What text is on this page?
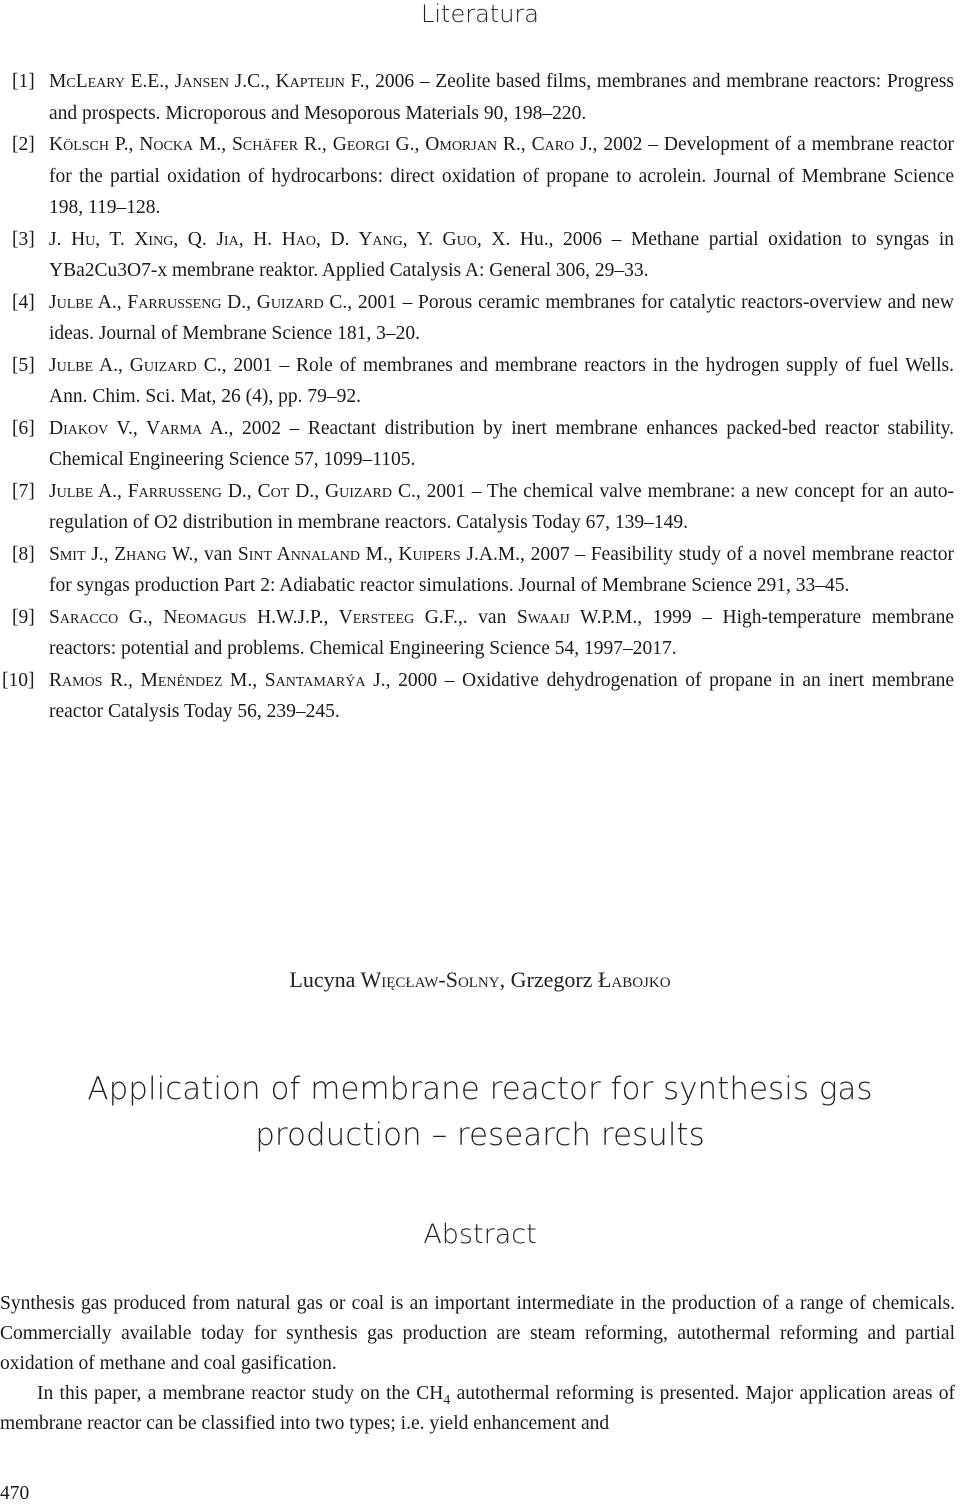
Literatura
[1] McLeary E.E., Jansen J.C., Kapteijn F., 2006 – Zeolite based films, membranes and membrane reactors: Progress and prospects. Microporous and Mesoporous Materials 90, 198–220.
[2] Kölsch P., Nocka M., Schäfer R., Georgi G., Omorjan R., Caro J., 2002 – Development of a membrane reactor for the partial oxidation of hydrocarbons: direct oxidation of propane to acrolein. Journal of Membrane Science 198, 119–128.
[3] J. Hu, T. Xing, Q. Jia, H. Hao, D. Yang, Y. Guo, X. Hu., 2006 – Methane partial oxidation to syngas in YBa2Cu3O7-x membrane reaktor. Applied Catalysis A: General 306, 29–33.
[4] Julbe A., Farrusseng D., Guizard C., 2001 – Porous ceramic membranes for catalytic reactors-overview and new ideas. Journal of Membrane Science 181, 3–20.
[5] Julbe A., Guizard C., 2001 – Role of membranes and membrane reactors in the hydrogen supply of fuel Wells. Ann. Chim. Sci. Mat, 26 (4), pp. 79–92.
[6] Diakov V., Varma A., 2002 – Reactant distribution by inert membrane enhances packed-bed reactor stability. Chemical Engineering Science 57, 1099–1105.
[7] Julbe A., Farrusseng D., Cot D., Guizard C., 2001 – The chemical valve membrane: a new concept for an auto-regulation of O2 distribution in membrane reactors. Catalysis Today 67, 139–149.
[8] Smit J., Zhang W., van Sint Annaland M., Kuipers J.A.M., 2007 – Feasibility study of a novel membrane reactor for syngas production Part 2: Adiabatic reactor simulations. Journal of Membrane Science 291, 33–45.
[9] Saracco G., Neomagus H.W.J.P., Versteeg G.F.,. van Swaaij W.P.M., 1999 – High-temperature membrane reactors: potential and problems. Chemical Engineering Science 54, 1997–2017.
[10] Ramos R., Menéndez M., Santamarýa J., 2000 – Oxidative dehydrogenation of propane in an inert membrane reactor Catalysis Today 56, 239–245.
Lucyna Więcław-Solny, Grzegorz Łabojko
Application of membrane reactor for synthesis gas
production – research results
Abstract

Synthesis gas produced from natural gas or coal is an important intermediate in the production of a range of chemicals. Commercially available today for synthesis gas production are steam reforming, autothermal reforming and partial oxidation of methane and coal gasification.

In this paper, a membrane reactor study on the $CH_4$ autothermal reforming is presented. Major application areas of membrane reactor can be classified into two types; i.e. yield enhancement and

470
